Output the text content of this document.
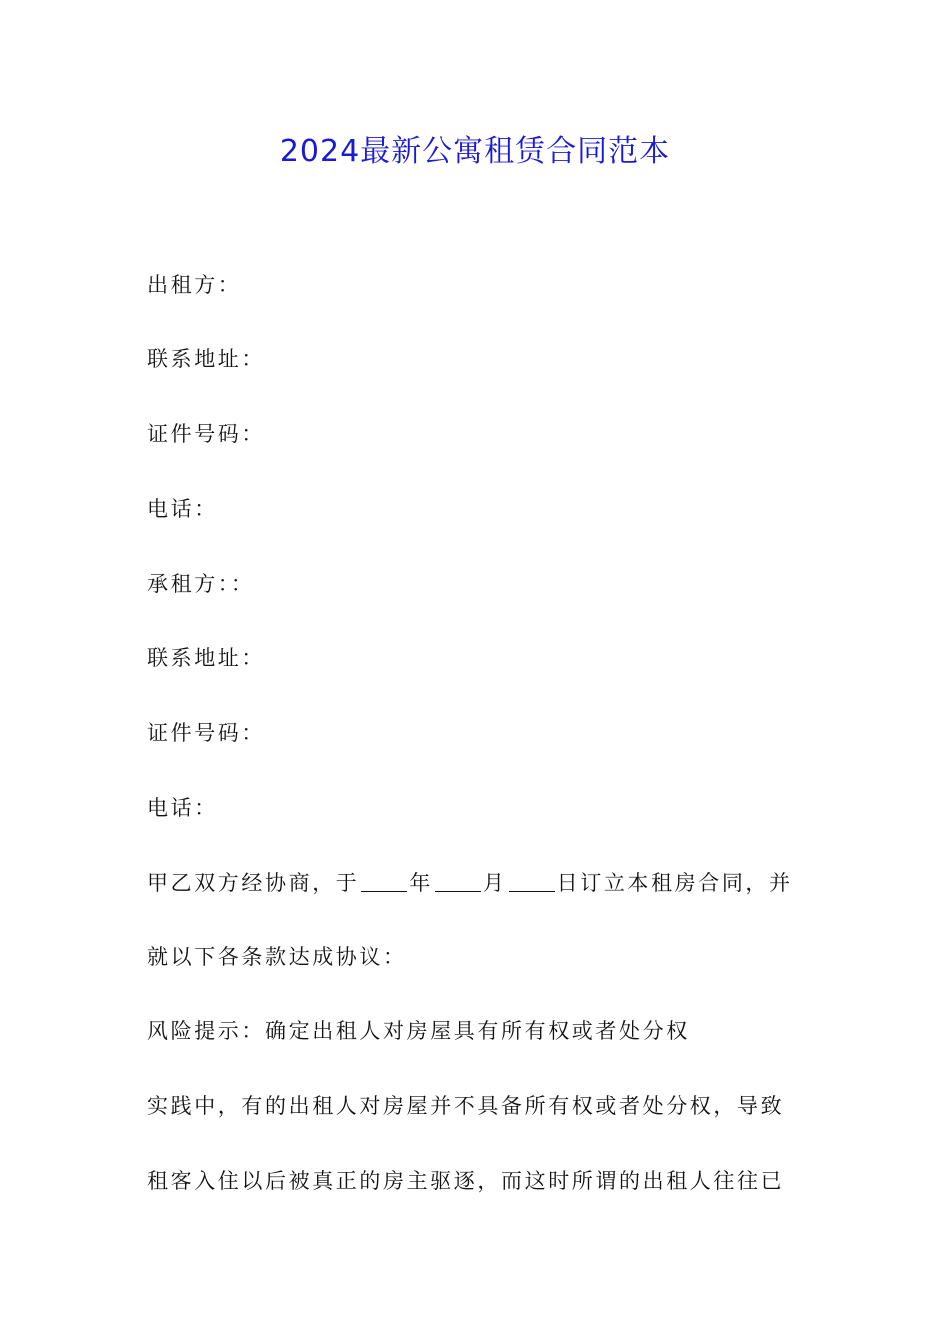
2024最新公寓租赁合同范本
出租方：
联系地址：
证件号码：
电话：
承租方：：
联系地址：
证件号码：
电话：
甲乙双方经协商，于 年 月 日订立本租房合同，并
就以下各条款达成协议：
风险提示：确定出租人对房屋具有所有权或者处分权
实践中，有的出租人对房屋并不具备所有权或者处分权，导致
租客入住以后被真正的房主驱逐，而这时所谓的出租人往往已
